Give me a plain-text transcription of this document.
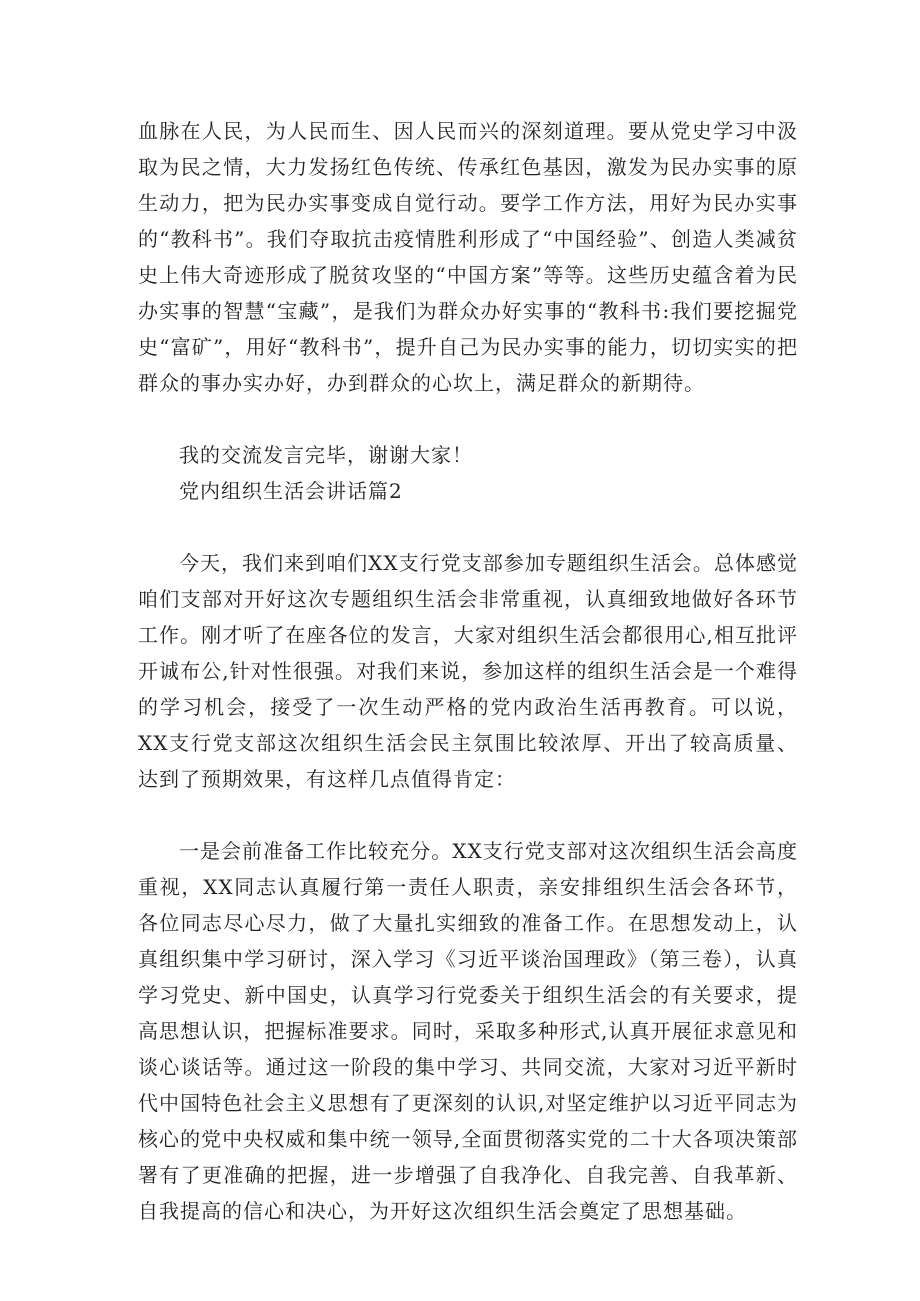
血脉在人民，为人民而生、因人民而兴的深刻道理。要从党史学习中汲取为民之情，大力发扬红色传统、传承红色基因，激发为民办实事的原生动力，把为民办实事变成自觉行动。要学工作方法，用好为民办实事的“教科书”。我们夺取抗击疫情胜利形成了“中国经验”、创造人类减贫史上伟大奇迹形成了脱贫攻坚的“中国方案”等等。这些历史蕴含着为民办实事的智慧“宝藏”，是我们为群众办好实事的“教科书:我们要挖掘党史“富矿”，用好“教科书”，提升自己为民办实事的能力，切切实实的把群众的事办实办好，办到群众的心坎上，满足群众的新期待。

我的交流发言完毕，谢谢大家！

党内组织生活会讲话篇2

今天，我们来到咱们XX支行党支部参加专题组织生活会。总体感觉咱们支部对开好这次专题组织生活会非常重视，认真细致地做好各环节工作。刚才听了在座各位的发言，大家对组织生活会都很用心,相互批评开诚布公,针对性很强。对我们来说，参加这样的组织生活会是一个难得的学习机会，接受了一次生动严格的党内政治生活再教育。可以说，XX支行党支部这次组织生活会民主氛围比较浓厚、开出了较高质量、达到了预期效果，有这样几点值得肯定：

一是会前准备工作比较充分。XX支行党支部对这次组织生活会高度重视，XX同志认真履行第一责任人职责，亲安排组织生活会各环节，各位同志尽心尽力，做了大量扎实细致的准备工作。在思想发动上，认真组织集中学习研讨，深入学习《习近平谈治国理政》（第三卷），认真学习党史、新中国史，认真学习行党委关于组织生活会的有关要求，提高思想认识，把握标准要求。同时，采取多种形式,认真开展征求意见和谈心谈话等。通过这一阶段的集中学习、共同交流，大家对习近平新时代中国特色社会主义思想有了更深刻的认识,对坚定维护以习近平同志为核心的党中央权威和集中统一领导,全面贯彻落实党的二十大各项决策部署有了更准确的把握，进一步增强了自我净化、自我完善、自我革新、自我提高的信心和决心，为开好这次组织生活会奠定了思想基础。
